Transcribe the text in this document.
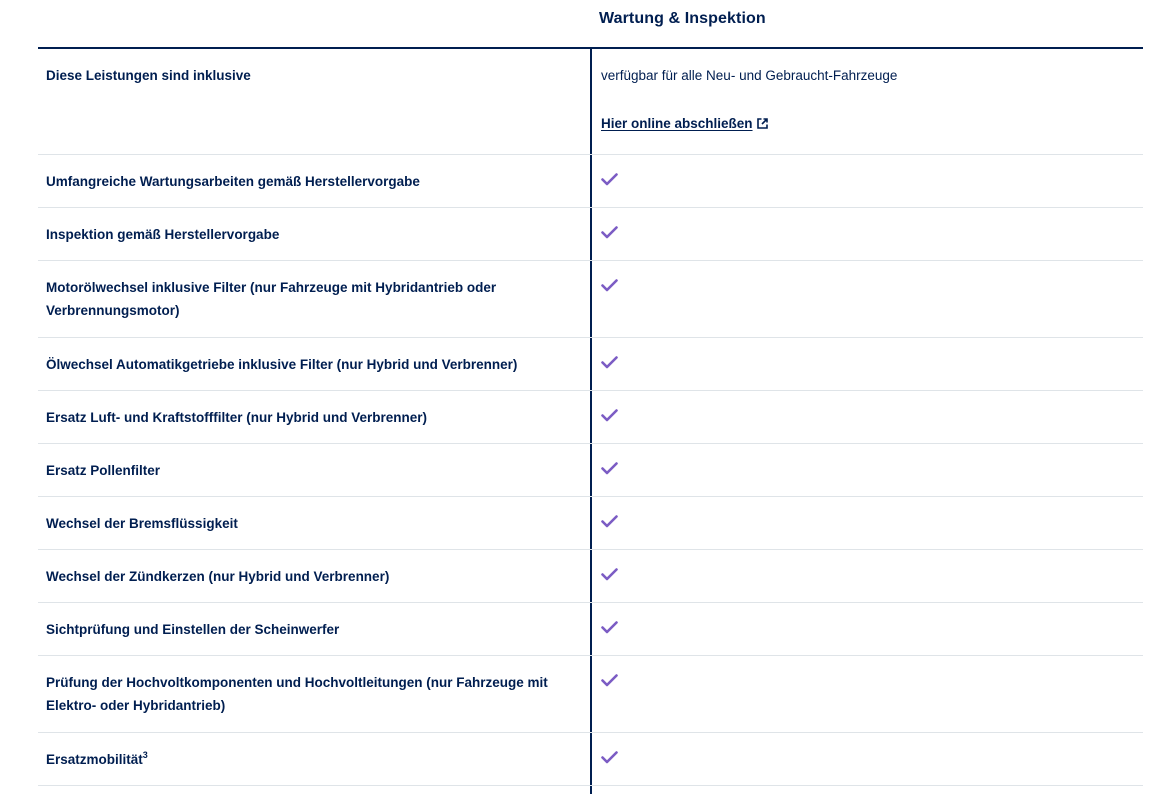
Wartung & Inspektion
Diese Leistungen sind inklusive	verfügbar für alle Neu- und Gebraucht-Fahrzeuge
Hier online abschließen
Umfangreiche Wartungsarbeiten gemäß Herstellervorgabe
Inspektion gemäß Herstellervorgabe
Motorölwechsel inklusive Filter (nur Fahrzeuge mit Hybridantrieb oder Verbrennungsmotor)
Ölwechsel Automatikgetriebe inklusive Filter (nur Hybrid und Verbrenner)
Ersatz Luft- und Kraftstofffilter (nur Hybrid und Verbrenner)
Ersatz Pollenfilter
Wechsel der Bremsflüssigkeit
Wechsel der Zündkerzen (nur Hybrid und Verbrenner)
Sichtprüfung und Einstellen der Scheinwerfer
Prüfung der Hochvoltkomponenten und Hochvoltleitungen (nur Fahrzeuge mit Elektro- oder Hybridantrieb)
Ersatzmobilität$^3$
